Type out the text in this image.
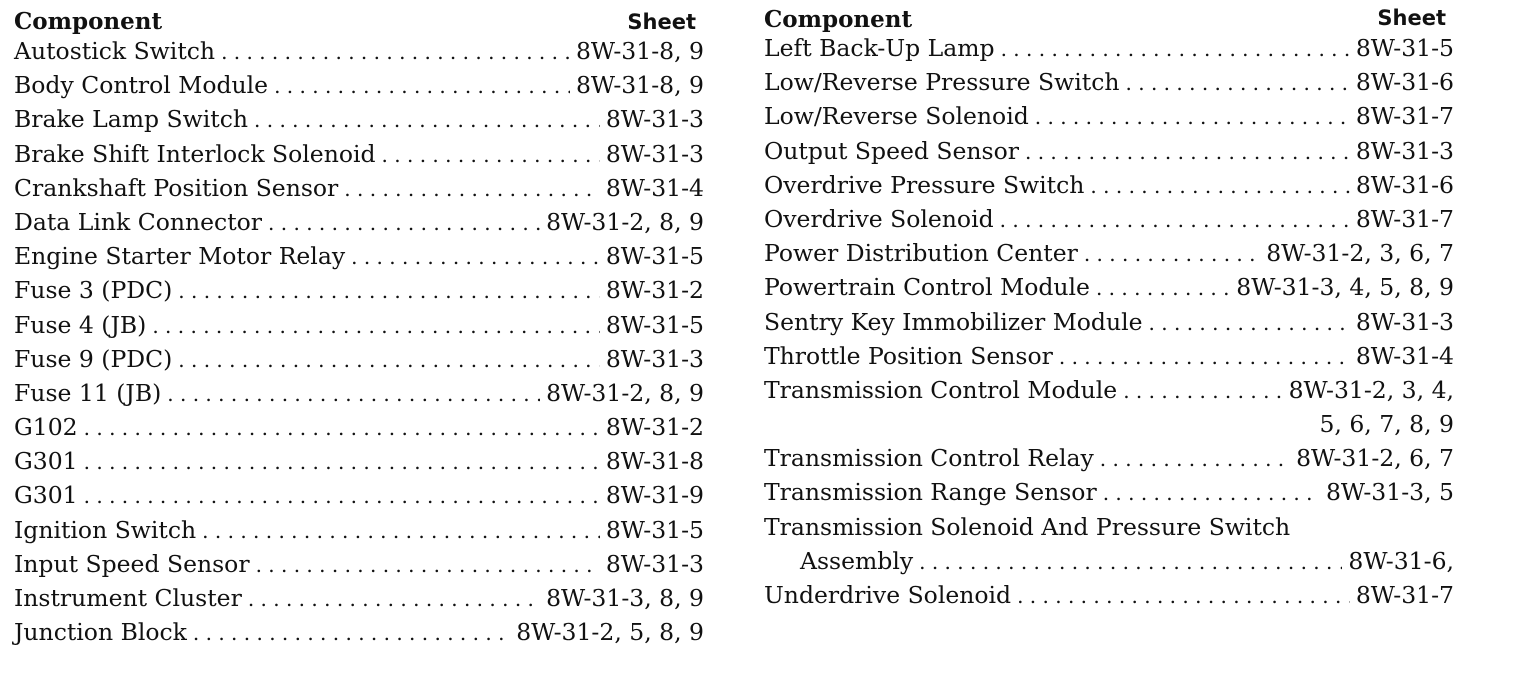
Component	Sheet
Autostick Switch . . .	8W-31-8, 9
Body Control Module . . .	8W-31-8, 9
Brake Lamp Switch . . .	8W-31-3
Brake Shift Interlock Solenoid . . .	8W-31-3
Crankshaft Position Sensor . . .	8W-31-4
Data Link Connector . . .	8W-31-2, 8, 9
Engine Starter Motor Relay . . .	8W-31-5
Fuse 3 (PDC) . . .	8W-31-2
Fuse 4 (JB) . . .	8W-31-5
Fuse 9 (PDC) . . .	8W-31-3
Fuse 11 (JB) . . .	8W-31-2, 8, 9
G102 . . .	8W-31-2
G301 . . .	8W-31-8
G301 . . .	8W-31-9
Ignition Switch . . .	8W-31-5
Input Speed Sensor . . .	8W-31-3
Instrument Cluster . . .	8W-31-3, 8, 9
Junction Block . . .	8W-31-2, 5, 8, 9
Component	Sheet
Left Back-Up Lamp . . .	8W-31-5
Low/Reverse Pressure Switch . . .	8W-31-6
Low/Reverse Solenoid . . .	8W-31-7
Output Speed Sensor . . .	8W-31-3
Overdrive Pressure Switch . . .	8W-31-6
Overdrive Solenoid . . .	8W-31-7
Power Distribution Center . . .	8W-31-2, 3, 6, 7
Powertrain Control Module . . .	8W-31-3, 4, 5, 8, 9
Sentry Key Immobilizer Module . . .	8W-31-3
Throttle Position Sensor . . .	8W-31-4
Transmission Control Module . . .	8W-31-2, 3, 4,
5, 6, 7, 8, 9
Transmission Control Relay . . .	8W-31-2, 6, 7
Transmission Range Sensor . . .	8W-31-3, 5
Transmission Solenoid And Pressure Switch
Assembly . . .	8W-31-6,
Underdrive Solenoid . . .	8W-31-7
